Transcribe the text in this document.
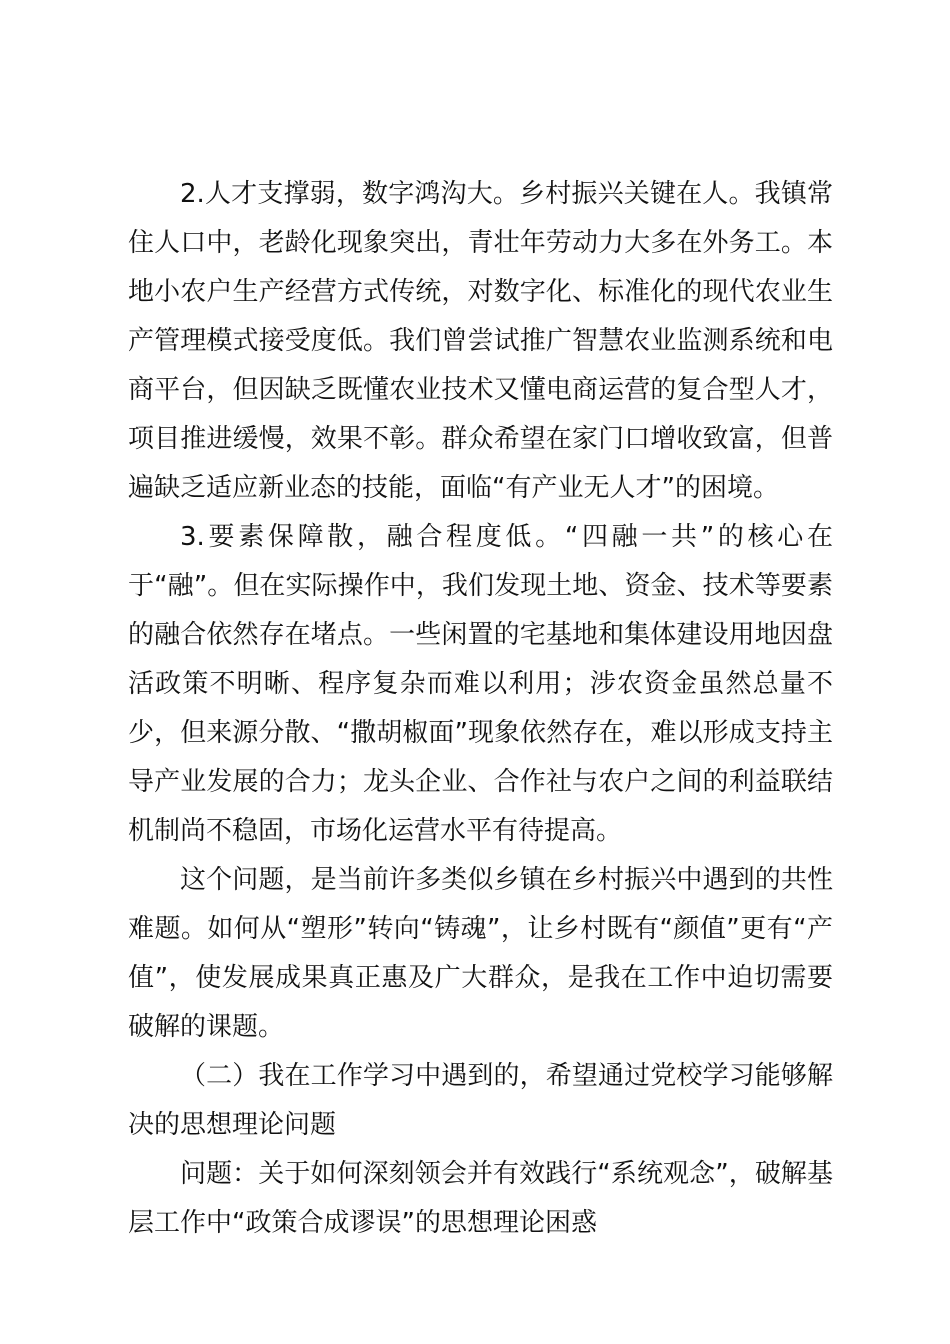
2.人才支撑弱，数字鸿沟大。乡村振兴关键在人。我镇常住人口中，老龄化现象突出，青壮年劳动力大多在外务工。本地小农户生产经营方式传统，对数字化、标准化的现代农业生产管理模式接受度低。我们曾尝试推广智慧农业监测系统和电商平台，但因缺乏既懂农业技术又懂电商运营的复合型人才，项目推进缓慢，效果不彰。群众希望在家门口增收致富，但普遍缺乏适应新业态的技能，面临“有产业无人才”的困境。

3.要素保障散，融合程度低。“四融一共”的核心在于“融”。但在实际操作中，我们发现土地、资金、技术等要素的融合依然存在堵点。一些闲置的宅基地和集体建设用地因盘活政策不明晰、程序复杂而难以利用；涉农资金虽然总量不少，但来源分散、“撒胡椒面”现象依然存在，难以形成支持主导产业发展的合力；龙头企业、合作社与农户之间的利益联结机制尚不稳固，市场化运营水平有待提高。

这个问题，是当前许多类似乡镇在乡村振兴中遇到的共性难题。如何从“塑形”转向“铸魂”，让乡村既有“颜值”更有“产值”，使发展成果真正惠及广大群众，是我在工作中迫切需要破解的课题。

（二）我在工作学习中遇到的，希望通过党校学习能够解决的思想理论问题

问题：关于如何深刻领会并有效践行“系统观念”，破解基层工作中“政策合成谬误”的思想理论困惑
